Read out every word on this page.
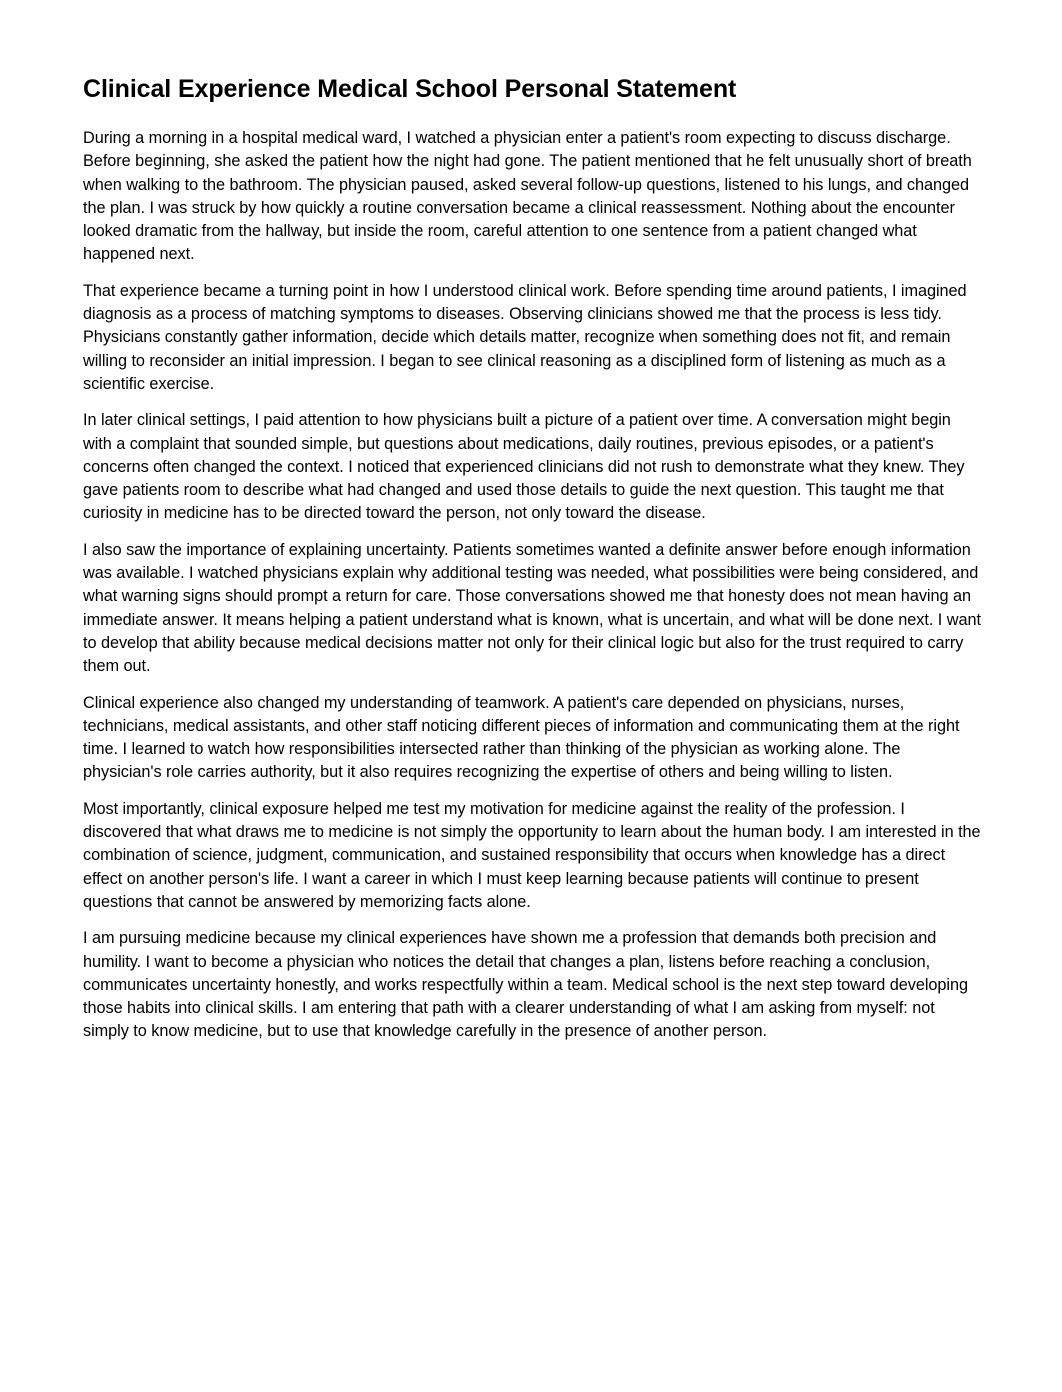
Clinical Experience Medical School Personal Statement

During a morning in a hospital medical ward, I watched a physician enter a patient's room expecting to discuss discharge. Before beginning, she asked the patient how the night had gone. The patient mentioned that he felt unusually short of breath when walking to the bathroom. The physician paused, asked several follow-up questions, listened to his lungs, and changed the plan. I was struck by how quickly a routine conversation became a clinical reassessment. Nothing about the encounter looked dramatic from the hallway, but inside the room, careful attention to one sentence from a patient changed what happened next.

That experience became a turning point in how I understood clinical work. Before spending time around patients, I imagined diagnosis as a process of matching symptoms to diseases. Observing clinicians showed me that the process is less tidy. Physicians constantly gather information, decide which details matter, recognize when something does not fit, and remain willing to reconsider an initial impression. I began to see clinical reasoning as a disciplined form of listening as much as a scientific exercise.

In later clinical settings, I paid attention to how physicians built a picture of a patient over time. A conversation might begin with a complaint that sounded simple, but questions about medications, daily routines, previous episodes, or a patient's concerns often changed the context. I noticed that experienced clinicians did not rush to demonstrate what they knew. They gave patients room to describe what had changed and used those details to guide the next question. This taught me that curiosity in medicine has to be directed toward the person, not only toward the disease.

I also saw the importance of explaining uncertainty. Patients sometimes wanted a definite answer before enough information was available. I watched physicians explain why additional testing was needed, what possibilities were being considered, and what warning signs should prompt a return for care. Those conversations showed me that honesty does not mean having an immediate answer. It means helping a patient understand what is known, what is uncertain, and what will be done next. I want to develop that ability because medical decisions matter not only for their clinical logic but also for the trust required to carry them out.

Clinical experience also changed my understanding of teamwork. A patient's care depended on physicians, nurses, technicians, medical assistants, and other staff noticing different pieces of information and communicating them at the right time. I learned to watch how responsibilities intersected rather than thinking of the physician as working alone. The physician's role carries authority, but it also requires recognizing the expertise of others and being willing to listen.

Most importantly, clinical exposure helped me test my motivation for medicine against the reality of the profession. I discovered that what draws me to medicine is not simply the opportunity to learn about the human body. I am interested in the combination of science, judgment, communication, and sustained responsibility that occurs when knowledge has a direct effect on another person's life. I want a career in which I must keep learning because patients will continue to present questions that cannot be answered by memorizing facts alone.

I am pursuing medicine because my clinical experiences have shown me a profession that demands both precision and humility. I want to become a physician who notices the detail that changes a plan, listens before reaching a conclusion, communicates uncertainty honestly, and works respectfully within a team. Medical school is the next step toward developing those habits into clinical skills. I am entering that path with a clearer understanding of what I am asking from myself: not simply to know medicine, but to use that knowledge carefully in the presence of another person.
